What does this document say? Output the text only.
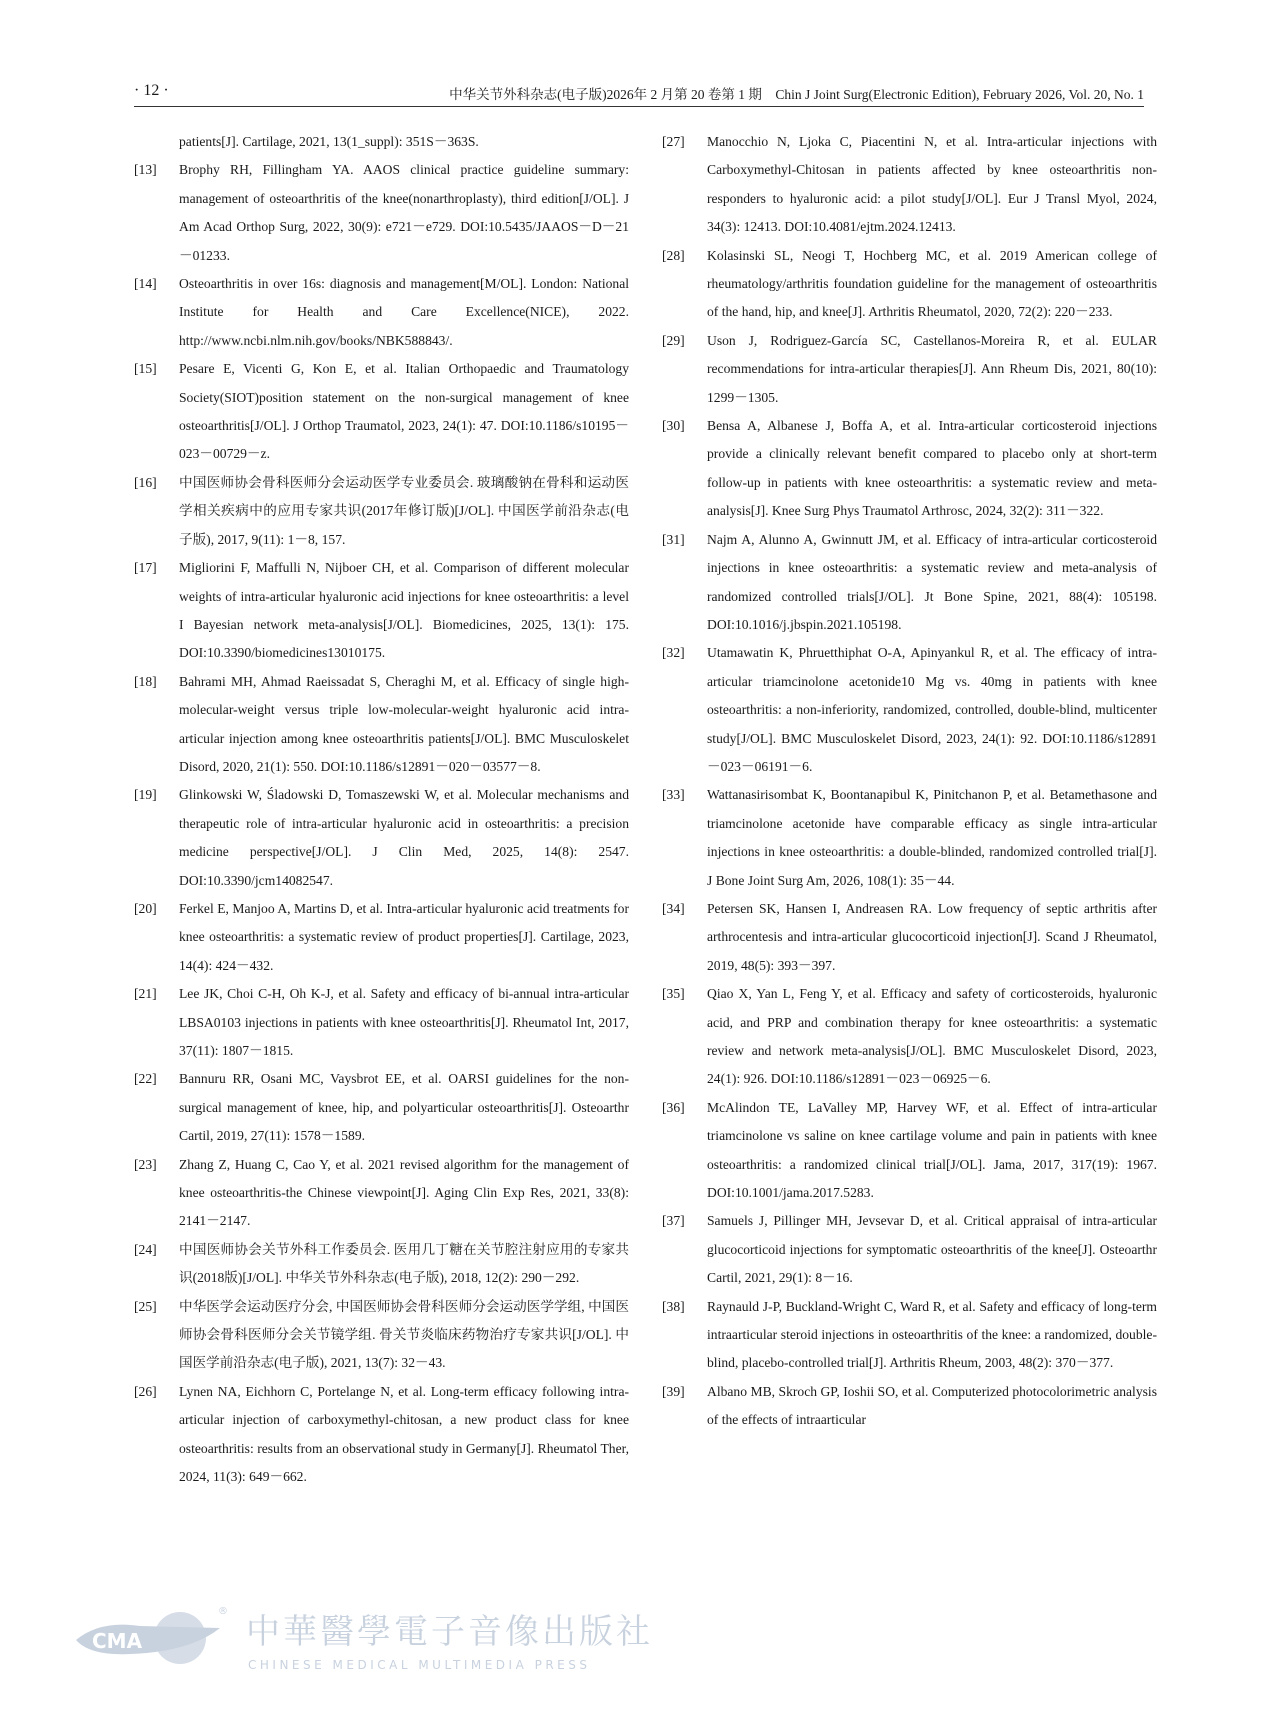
· 12 ·	中华关节外科杂志(电子版)2026年 2 月第 20 卷第 1 期　Chin J Joint Surg(Electronic Edition), February 2026, Vol. 20, No. 1
patients[J]. Cartilage, 2021, 13(1_suppl): 351S－363S.
[13]	Brophy RH, Fillingham YA. AAOS clinical practice guideline summary: management of osteoarthritis of the knee(nonarthroplasty), third edition[J/OL]. J Am Acad Orthop Surg, 2022, 30(9): e721－e729. DOI:10.5435/JAAOS－D－21－01233.
[14]	Osteoarthritis in over 16s: diagnosis and management[M/OL]. London: National Institute for Health and Care Excellence(NICE), 2022. http://www.ncbi.nlm.nih.gov/books/NBK588843/.
[15]	Pesare E, Vicenti G, Kon E, et al. Italian Orthopaedic and Traumatology Society(SIOT)position statement on the non-surgical management of knee osteoarthritis[J/OL]. J Orthop Traumatol, 2023, 24(1): 47. DOI:10.1186/s10195－023－00729－z.
[16]	中国医师协会骨科医师分会运动医学专业委员会. 玻璃酸钠在骨科和运动医学相关疾病中的应用专家共识(2017年修订版)[J/OL]. 中国医学前沿杂志(电子版), 2017, 9(11): 1－8, 157.
[17]	Migliorini F, Maffulli N, Nijboer CH, et al. Comparison of different molecular weights of intra-articular hyaluronic acid injections for knee osteoarthritis: a level I Bayesian network meta-analysis[J/OL]. Biomedicines, 2025, 13(1): 175. DOI:10.3390/biomedicines13010175.
[18]	Bahrami MH, Ahmad Raeissadat S, Cheraghi M, et al. Efficacy of single high-molecular-weight versus triple low-molecular-weight hyaluronic acid intra-articular injection among knee osteoarthritis patients[J/OL]. BMC Musculoskelet Disord, 2020, 21(1): 550. DOI:10.1186/s12891－020－03577－8.
[19]	Glinkowski W, Śladowski D, Tomaszewski W, et al. Molecular mechanisms and therapeutic role of intra-articular hyaluronic acid in osteoarthritis: a precision medicine perspective[J/OL]. J Clin Med, 2025, 14(8): 2547. DOI:10.3390/jcm14082547.
[20]	Ferkel E, Manjoo A, Martins D, et al. Intra-articular hyaluronic acid treatments for knee osteoarthritis: a systematic review of product properties[J]. Cartilage, 2023, 14(4): 424－432.
[21]	Lee JK, Choi C-H, Oh K-J, et al. Safety and efficacy of bi-annual intra-articular LBSA0103 injections in patients with knee osteoarthritis[J]. Rheumatol Int, 2017, 37(11): 1807－1815.
[22]	Bannuru RR, Osani MC, Vaysbrot EE, et al. OARSI guidelines for the non-surgical management of knee, hip, and polyarticular osteoarthritis[J]. Osteoarthr Cartil, 2019, 27(11): 1578－1589.
[23]	Zhang Z, Huang C, Cao Y, et al. 2021 revised algorithm for the management of knee osteoarthritis-the Chinese viewpoint[J]. Aging Clin Exp Res, 2021, 33(8): 2141－2147.
[24]	中国医师协会关节外科工作委员会. 医用几丁糖在关节腔注射应用的专家共识(2018版)[J/OL]. 中华关节外科杂志(电子版), 2018, 12(2): 290－292.
[25]	中华医学会运动医疗分会, 中国医师协会骨科医师分会运动医学学组, 中国医师协会骨科医师分会关节镜学组. 骨关节炎临床药物治疗专家共识[J/OL]. 中国医学前沿杂志(电子版), 2021, 13(7): 32－43.
[26]	Lynen NA, Eichhorn C, Portelange N, et al. Long-term efficacy following intra-articular injection of carboxymethyl-chitosan, a new product class for knee osteoarthritis: results from an observational study in Germany[J]. Rheumatol Ther, 2024, 11(3): 649－662.
[27]	Manocchio N, Ljoka C, Piacentini N, et al. Intra-articular injections with Carboxymethyl-Chitosan in patients affected by knee osteoarthritis non-responders to hyaluronic acid: a pilot study[J/OL]. Eur J Transl Myol, 2024, 34(3): 12413. DOI:10.4081/ejtm.2024.12413.
[28]	Kolasinski SL, Neogi T, Hochberg MC, et al. 2019 American college of rheumatology/arthritis foundation guideline for the management of osteoarthritis of the hand, hip, and knee[J]. Arthritis Rheumatol, 2020, 72(2): 220－233.
[29]	Uson J, Rodriguez-García SC, Castellanos-Moreira R, et al. EULAR recommendations for intra-articular therapies[J]. Ann Rheum Dis, 2021, 80(10): 1299－1305.
[30]	Bensa A, Albanese J, Boffa A, et al. Intra-articular corticosteroid injections provide a clinically relevant benefit compared to placebo only at short-term follow-up in patients with knee osteoarthritis: a systematic review and meta-analysis[J]. Knee Surg Phys Traumatol Arthrosc, 2024, 32(2): 311－322.
[31]	Najm A, Alunno A, Gwinnutt JM, et al. Efficacy of intra-articular corticosteroid injections in knee osteoarthritis: a systematic review and meta-analysis of randomized controlled trials[J/OL]. Jt Bone Spine, 2021, 88(4): 105198. DOI:10.1016/j.jbspin.2021.105198.
[32]	Utamawatin K, Phruetthiphat O-A, Apinyankul R, et al. The efficacy of intra-articular triamcinolone acetonide10 Mg vs. 40mg in patients with knee osteoarthritis: a non-inferiority, randomized, controlled, double-blind, multicenter study[J/OL]. BMC Musculoskelet Disord, 2023, 24(1): 92. DOI:10.1186/s12891－023－06191－6.
[33]	Wattanasirisombat K, Boontanapibul K, Pinitchanon P, et al. Betamethasone and triamcinolone acetonide have comparable efficacy as single intra-articular injections in knee osteoarthritis: a double-blinded, randomized controlled trial[J]. J Bone Joint Surg Am, 2026, 108(1): 35－44.
[34]	Petersen SK, Hansen I, Andreasen RA. Low frequency of septic arthritis after arthrocentesis and intra-articular glucocorticoid injection[J]. Scand J Rheumatol, 2019, 48(5): 393－397.
[35]	Qiao X, Yan L, Feng Y, et al. Efficacy and safety of corticosteroids, hyaluronic acid, and PRP and combination therapy for knee osteoarthritis: a systematic review and network meta-analysis[J/OL]. BMC Musculoskelet Disord, 2023, 24(1): 926. DOI:10.1186/s12891－023－06925－6.
[36]	McAlindon TE, LaValley MP, Harvey WF, et al. Effect of intra-articular triamcinolone vs saline on knee cartilage volume and pain in patients with knee osteoarthritis: a randomized clinical trial[J/OL]. Jama, 2017, 317(19): 1967. DOI:10.1001/jama.2017.5283.
[37]	Samuels J, Pillinger MH, Jevsevar D, et al. Critical appraisal of intra-articular glucocorticoid injections for symptomatic osteoarthritis of the knee[J]. Osteoarthr Cartil, 2021, 29(1): 8－16.
[38]	Raynauld J-P, Buckland-Wright C, Ward R, et al. Safety and efficacy of long-term intraarticular steroid injections in osteoarthritis of the knee: a randomized, double-blind, placebo-controlled trial[J]. Arthritis Rheum, 2003, 48(2): 370－377.
[39]	Albano MB, Skroch GP, Ioshii SO, et al. Computerized photocolorimetric analysis of the effects of intraarticular
CMA
®
中華醫學電子音像出版社
CHINESE MEDICAL MULTIMEDIA PRESS
